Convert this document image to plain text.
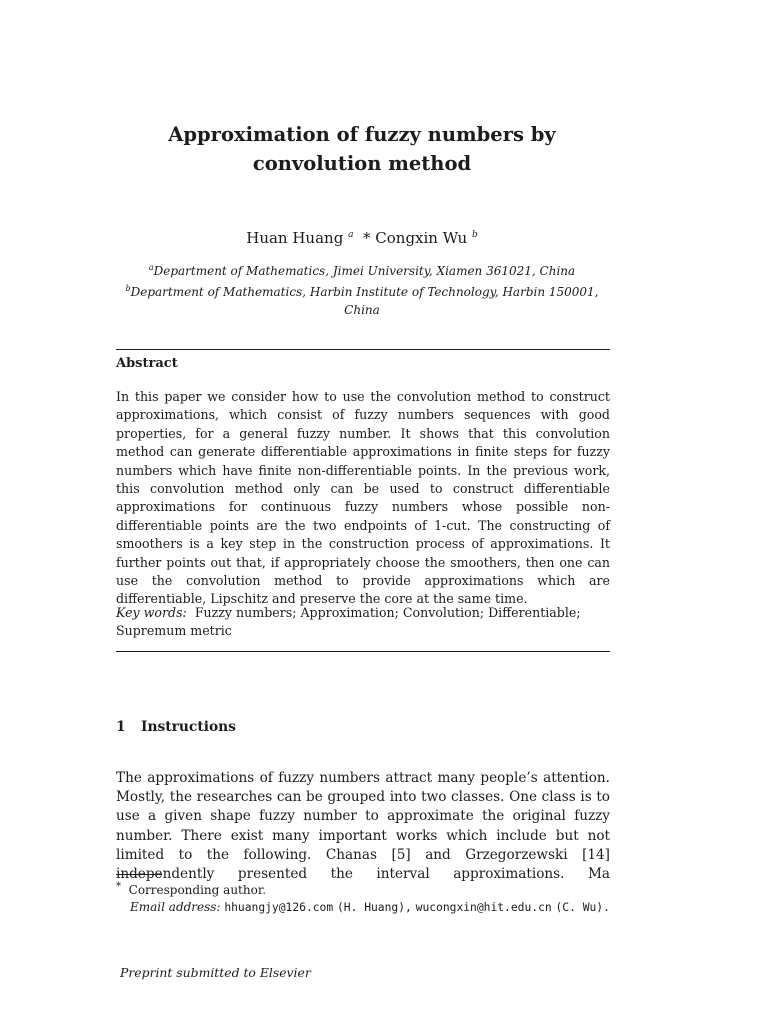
Approximation of fuzzy numbers by
convolution method
Huan Huang $^a$ * Congxin Wu $^b$
$^a$Department of Mathematics, Jimei University, Xiamen 361021, China
$^b$Department of Mathematics, Harbin Institute of Technology, Harbin 150001,
China
Abstract
In this paper we consider how to use the convolution method to construct approximations, which consist of fuzzy numbers sequences with good properties, for a general fuzzy number. It shows that this convolution method can generate differentiable approximations in finite steps for fuzzy numbers which have finite non-differentiable points. In the previous work, this convolution method only can be used to construct differentiable approximations for continuous fuzzy numbers whose possible non-differentiable points are the two endpoints of 1-cut. The constructing of smoothers is a key step in the construction process of approximations. It further points out that, if appropriately choose the smoothers, then one can use the convolution method to provide approximations which are differentiable, Lipschitz and preserve the core at the same time.
Key words: Fuzzy numbers; Approximation; Convolution; Differentiable; Supremum metric
1 Instructions
The approximations of fuzzy numbers attract many people’s attention. Mostly, the researches can be grouped into two classes. One class is to use a given shape fuzzy number to approximate the original fuzzy number. There exist many important works which include but not limited to the following. Chanas [5] and Grzegorzewski [14] independently presented the interval approximations. Ma
* Corresponding author.
Email address: hhuangjy@126.com (H. Huang), wucongxin@hit.edu.cn (C. Wu).
Preprint submitted to Elsevier
